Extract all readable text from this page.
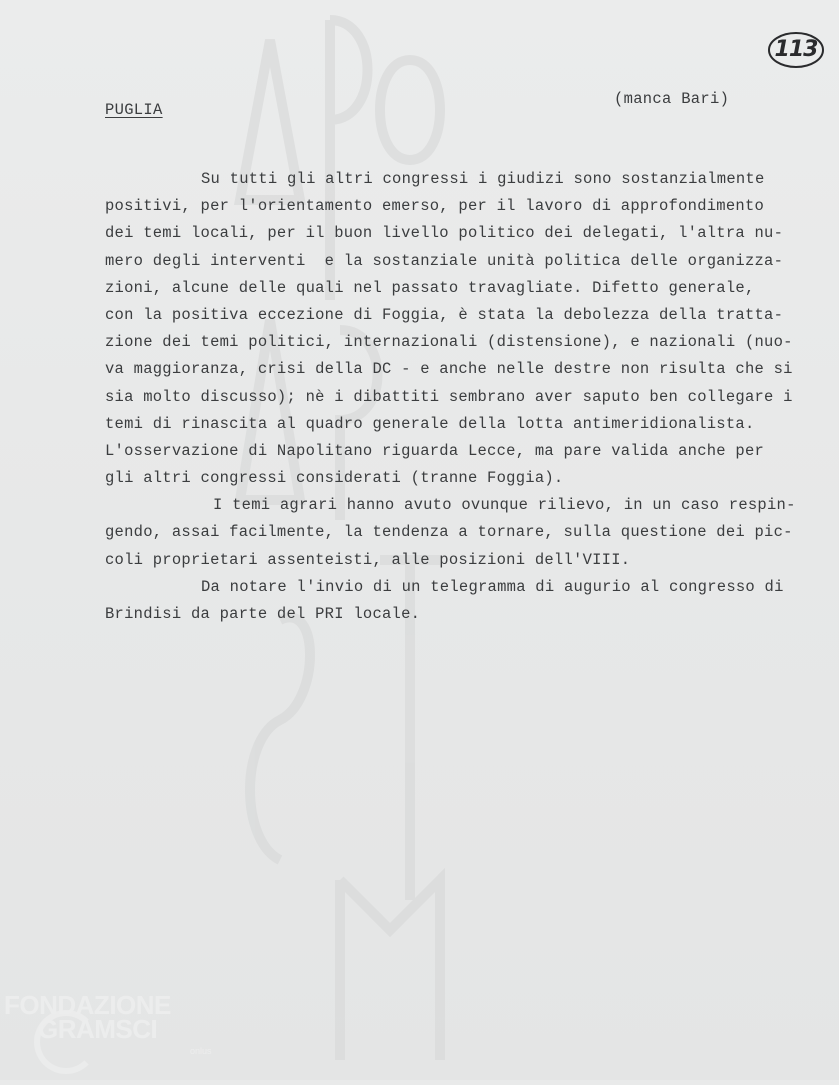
113
PUGLIA
(manca Bari)
Su tutti gli altri congressi i giudizi sono sostanzialmente
positivi, per l'orientamento emerso, per il lavoro di approfondimento
dei temi locali, per il buon livello politico dei delegati, l'altra nu-
mero degli interventi  e la sostanziale unità politica delle organizza-
zioni, alcune delle quali nel passato travagliate. Difetto generale,
con la positiva eccezione di Foggia, è stata la debolezza della tratta-
zione dei temi politici, internazionali (distensione), e nazionali (nuo-
va maggioranza, crisi della DC - e anche nelle destre non risulta che si
sia molto discusso); nè i dibattiti sembrano aver saputo ben collegare i
temi di rinascita al quadro generale della lotta antimeridionalista.
L'osservazione di Napolitano riguarda Lecce, ma pare valida anche per
gli altri congressi considerati (tranne Foggia).
I temi agrari hanno avuto ovunque rilievo, in un caso respin-
gendo, assai facilmente, la tendenza a tornare, sulla questione dei pic-
coli proprietari assenteisti, alle posizioni dell'VIII.
Da notare l'invio di un telegramma di augurio al congresso di
Brindisi da parte del PRI locale.
FONDAZIONE
GRAMSCI
onlus
